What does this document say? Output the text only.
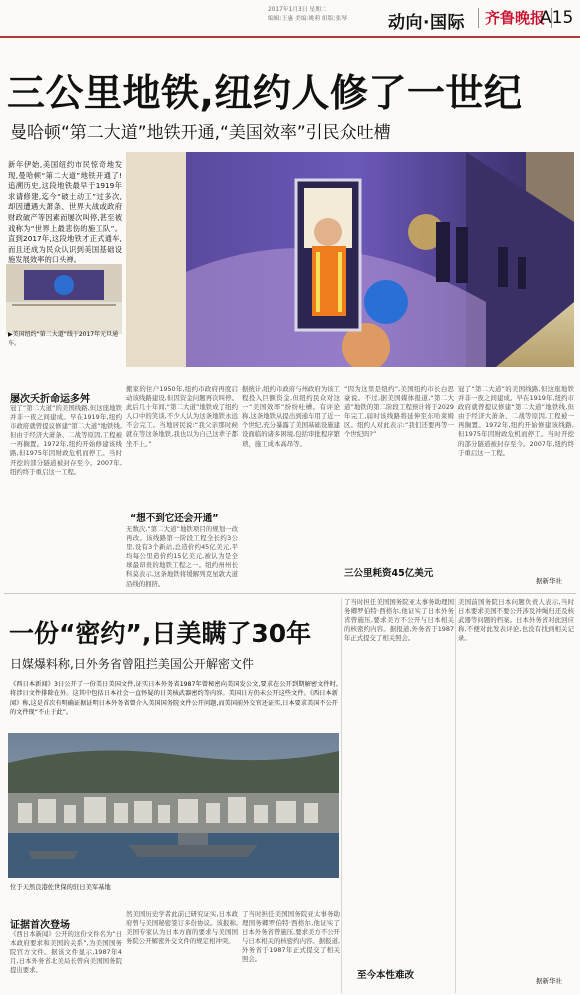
2017年1月3日 星期二
编辑:王惠 美编:姚莉 组版:张琴 动向·国际	齐鲁晚报
A15
三公里地铁,纽约人修了一世纪
曼哈顿“第二大道”地铁开通,“美国效率”引民众吐槽
新年伊始,美国纽约市民惊奇地发现,曼哈顿“第二大道”地铁开通了!追溯历史,这段地铁最早于1919年求请修建,迄今“破土动工”过多次,却因遭遇大萧条、世界大战或政府财政破产等因素而屡次叫停,甚至被戏称为“世界上最悲伤的施工队”。直到2017年,这段地铁才正式通车,而且还成为民众认识到美国基础设施发展效率的口头禅。
▶美国纽约“第二大道”线于2017年元旦通车。
屡次夭折命运多舛
冠了“第二大道”的美国线路,但这座地铁并非一夜之间建成。早在1919年,纽约市政府就曾提议修建“第二大道”地铁线,但由于经济大萧条、二战等原因,工程被一再搁置。1972年,纽约开始修建该线路,但1975年因财政危机而停工。当时开挖的部分隧道被封存至今。2007年,纽约终于重启这一工程。
搬家的住户1950年,纽约市政府再度启动该线路建设,但因资金问题再次叫停。此后几十年间,“第二大道”地铁成了纽约人口中的笑谈,不少人认为这条地铁永远不会完工。当地居民说:“我父亲那时候就在等这条地铁,我也以为自己这辈子都坐不上。”
“想不到它还会开通”
无数次,“第二大道”地铁项目的规划一改再改。该线路第一阶段工程全长约3公里,设有3个新站,总造价约45亿美元,平均每公里造价约15亿美元,被认为是全球最昂贵的地铁工程之一。纽约州州长科莫表示,这条地铁将缓解列克星敦大道沿线的拥挤。
据统计,纽约市政府与州政府为该工程投入巨额资金,但纽约民众对这一“美国效率”纷纷吐槽。有评论称,这条地铁从提出到通车用了近一个世纪,充分暴露了美国基础设施建设面临的诸多困境,包括审批程序繁琐、施工成本高昂等。
“因为这里是纽约”,美国纽约市长白思豪说。不过,据美国媒体报道,“第二大道”地铁的第二阶段工程预计将于2029年完工,届时该线路将延伸至东哈莱姆区。纽约人对此表示:“我们还要再等一个世纪吗?”
三公里耗资45亿美元
冠了“第二大道”的美国线路,但这座地铁并非一夜之间建成。早在1919年,纽约市政府就曾提议修建“第二大道”地铁线,但由于经济大萧条、二战等原因,工程被一再搁置。1972年,纽约开始修建该线路,但1975年因财政危机而停工。当时开挖的部分隧道被封存至今。2007年,纽约终于重启这一工程。
据新华社
一份“密约”,日美瞒了30年
日媒爆料称,日外务省曾阻拦美国公开解密文件
《西日本新闻》3日公开了一份美日美国文件,证实日本外务省1987年曾秘密向美国发公文,要求在公开到期解密文件时,将涉日文件排除在外。这其中包括日本社会一直怀疑的日美核武器密约等内容。美国日方仍未公开这些文件。《西日本新闻》称,这是首次有明确证据证明日本外务省曾介入美国国务院文件公开问题,而美国前外交官还证实,日本要求美国不公开的文件现“不止于此”。
位于天然良港佐世保的驻日美军基地
证据首次登场
《西日本新闻》公开的这份文件名为“日本政府要求和美国的关系”,为美国国务院官方文件。据该文件显示,1987年4月,日本外务省北美局长曾向美国国务院提出要求。
然美国历史学者此前已研究证实,日本政府曾与美国秘密签订多份协议。该报称,美国专家认为日本方面的要求与美国国务院公开解密外交文件的规定相冲突。
了当时担任美国国务院亚太事务助理国务卿罗伯特·西格尔,他证实了日本外务省曾施压,要求美方不公开与日本相关的核密约内容。据报道,外务省于1987年正式提交了相关照会。
了当时担任美国国务院亚太事务助理国务卿罗伯特·西格尔,他证实了日本外务省曾施压,要求美方不公开与日本相关的核密约内容。据报道,外务省于1987年正式提交了相关照会。
至今本性难改
美国前国务院日本问题负责人表示,当时日本要求美国不要公开涉及冲绳归还及核武器等问题的档案。日本外务省对此回应称,不便对此发表评论,也没有找到相关记录。
据新华社
